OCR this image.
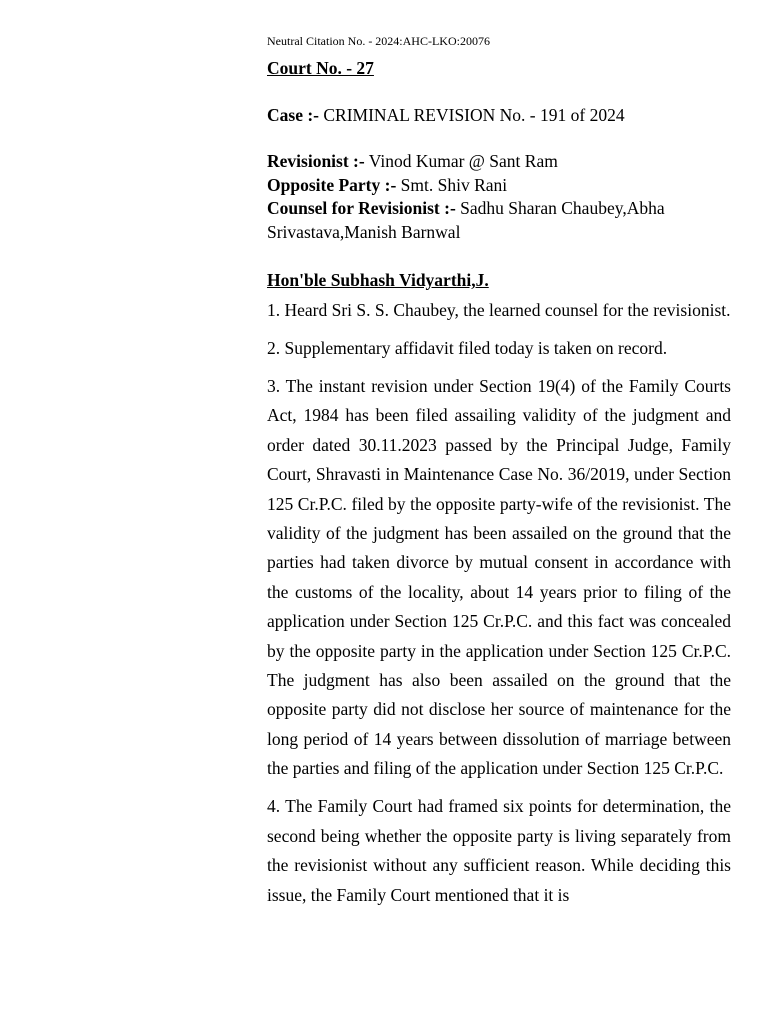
Neutral Citation No. - 2024:AHC-LKO:20076
Court No. - 27
Case :- CRIMINAL REVISION No. - 191 of 2024
Revisionist :- Vinod Kumar @ Sant Ram
Opposite Party :- Smt. Shiv Rani
Counsel for Revisionist :- Sadhu Sharan Chaubey,Abha Srivastava,Manish Barnwal
Hon'ble Subhash Vidyarthi,J.

1. Heard Sri S. S. Chaubey, the learned counsel for the revisionist.

2. Supplementary affidavit filed today is taken on record.

3. The instant revision under Section 19(4) of the Family Courts Act, 1984 has been filed assailing validity of the judgment and order dated 30.11.2023 passed by the Principal Judge, Family Court, Shravasti in Maintenance Case No. 36/2019, under Section 125 Cr.P.C. filed by the opposite party-wife of the revisionist. The validity of the judgment has been assailed on the ground that the parties had taken divorce by mutual consent in accordance with the customs of the locality, about 14 years prior to filing of the application under Section 125 Cr.P.C. and this fact was concealed by the opposite party in the application under Section 125 Cr.P.C. The judgment has also been assailed on the ground that the opposite party did not disclose her source of maintenance for the long period of 14 years between dissolution of marriage between the parties and filing of the application under Section 125 Cr.P.C.

4. The Family Court had framed six points for determination, the second being whether the opposite party is living separately from the revisionist without any sufficient reason. While deciding this issue, the Family Court mentioned that it is
